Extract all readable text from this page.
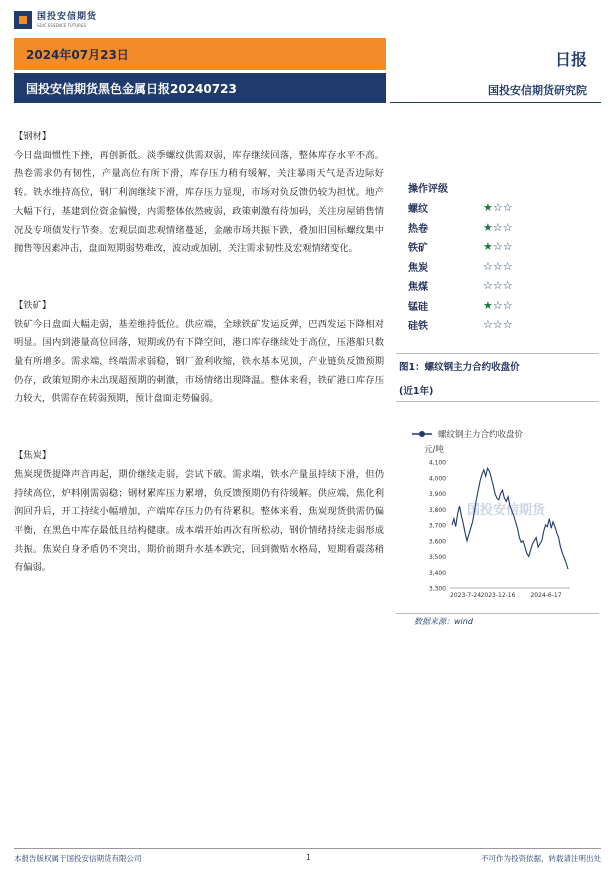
国投安信期货
SDIC ESSENCE FUTURES
2024年07月23日
国投安信期货黑色金属日报20240723
日报
国投安信期货研究院

【钢材】

今日盘面惯性下挫，再创新低。淡季螺纹供需双弱，库存继续回落，整体库存水平不高。热卷需求仍有韧性，产量高位有所下滑，库存压力稍有缓解，关注暴雨天气是否边际好转。铁水维持高位，钢厂利润继续下滑，库存压力显现，市场对负反馈仍较为担忧。地产大幅下行，基建到位资金偏慢，内需整体依然疲弱，政策刺激有待加码，关注房屋销售情况及专项债发行节奏。宏观层面悲观情绪蔓延，金融市场共振下跌，叠加旧国标螺纹集中抛售等因素冲击，盘面短期弱势难改，波动或加剧，关注需求韧性及宏观情绪变化。

【铁矿】

铁矿今日盘面大幅走弱，基差维持低位。供应端，全球铁矿发运反弹，巴西发运下降相对明显。国内到港量高位回落，短期或仍有下降空间，港口库存继续处于高位，压港船只数量有所增多。需求端，终端需求弱稳，钢厂盈利收缩，铁水基本见顶，产业链负反馈预期仍存，政策短期亦未出现超预期的刺激，市场情绪出现降温。整体来看，铁矿港口库存压力较大，供需存在转弱预期，预计盘面走势偏弱。

【焦炭】

焦炭现货提降声音再起，期价继续走弱，尝试下破。需求端，铁水产量虽持续下滑，但仍持续高位，炉料刚需弱稳；钢材累库压力累增，负反馈预期仍有待缓解。供应端，焦化利润回升后，开工持续小幅增加，产端库存压力仍有待累积。整体来看，焦炭现货供需仍偏平衡，在黑色中库存最低且结构健康。成本端开始再次有所松动，钢价情绪持续走弱形成共振。焦炭自身矛盾仍不突出，期价前期升水基本跌完，回到微贴水格局，短期看震荡稍有偏弱。

操作评级
螺纹	★☆☆
热卷	★☆☆
铁矿	★☆☆
焦炭	☆☆☆
焦煤	☆☆☆
锰硅	★☆☆
硅铁	☆☆☆
图1：螺纹钢主力合约收盘价
(近1年)
国投安信期货
螺纹钢主力合约收盘价
元/吨
3,300
3,400
3,500
3,600
3,700
3,800
3,900
4,000
4,100
2023-7-24 2023-12-16	2024-6-17
数据来源：wind
本报告版权属于国投安信期货有限公司	1	不可作为投资依据，转载请注明出处
